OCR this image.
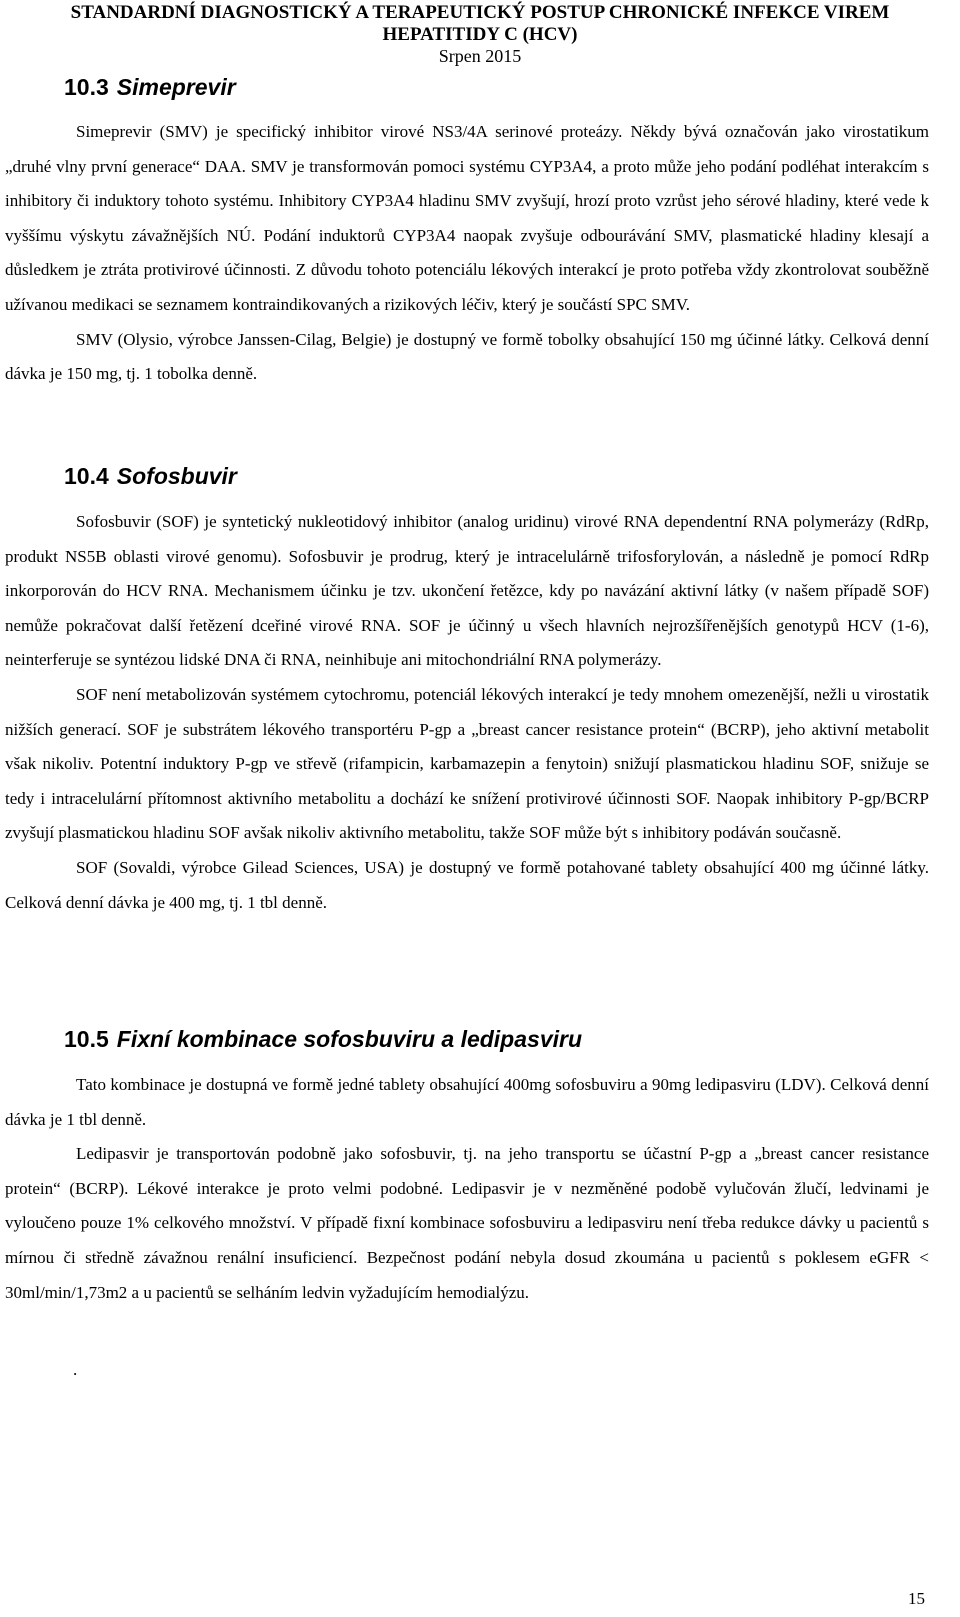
STANDARDNÍ DIAGNOSTICKÝ A TERAPEUTICKÝ POSTUP CHRONICKÉ INFEKCE VIREM
HEPATITIDY C (HCV)
Srpen 2015
10.3 Simeprevir

Simeprevir (SMV) je specifický inhibitor virové NS3/4A serinové proteázy. Někdy bývá označován jako virostatikum „druhé vlny první generace“ DAA. SMV je transformován pomoci systému CYP3A4, a proto může jeho podání podléhat interakcím s inhibitory či induktory tohoto systému. Inhibitory CYP3A4 hladinu SMV zvyšují, hrozí proto vzrůst jeho sérové hladiny, které vede k vyššímu výskytu závažnějších NÚ. Podání induktorů CYP3A4 naopak zvyšuje odbourávání SMV, plasmatické hladiny klesají a důsledkem je ztráta protivirové účinnosti. Z důvodu tohoto potenciálu lékových interakcí je proto potřeba vždy zkontrolovat souběžně užívanou medikaci se seznamem kontraindikovaných a rizikových léčiv, který je součástí SPC SMV.

SMV (Olysio, výrobce Janssen-Cilag, Belgie) je dostupný ve formě tobolky obsahující 150 mg účinné látky. Celková denní dávka je 150 mg, tj. 1 tobolka denně.

10.4 Sofosbuvir

Sofosbuvir (SOF) je syntetický nukleotidový inhibitor (analog uridinu) virové RNA dependentní RNA polymerázy (RdRp, produkt NS5B oblasti virové genomu). Sofosbuvir je prodrug, který je intracelulárně trifosforylován, a následně je pomocí RdRp inkorporován do HCV RNA. Mechanismem účinku je tzv. ukončení řetězce, kdy po navázání aktivní látky (v našem případě SOF) nemůže pokračovat další řetězení dceřiné virové RNA. SOF je účinný u všech hlavních nejrozšířenějších genotypů HCV (1-6), neinterferuje se syntézou lidské DNA či RNA, neinhibuje ani mitochondriální RNA polymerázy.

SOF není metabolizován systémem cytochromu, potenciál lékových interakcí je tedy mnohem omezenější, nežli u virostatik nižších generací. SOF je substrátem lékového transportéru P-gp a „breast cancer resistance protein“ (BCRP), jeho aktivní metabolit však nikoliv. Potentní induktory P-gp ve střevě (rifampicin, karbamazepin a fenytoin) snižují plasmatickou hladinu SOF, snižuje se tedy i intracelulární přítomnost aktivního metabolitu a dochází ke snížení protivirové účinnosti SOF. Naopak inhibitory P-gp/BCRP zvyšují plasmatickou hladinu SOF avšak nikoliv aktivního metabolitu, takže SOF může být s inhibitory podáván současně.

SOF (Sovaldi, výrobce Gilead Sciences, USA) je dostupný ve formě potahované tablety obsahující 400 mg účinné látky. Celková denní dávka je 400 mg, tj. 1 tbl denně.

10.5 Fixní kombinace sofosbuviru a ledipasviru

Tato kombinace je dostupná ve formě jedné tablety obsahující 400mg sofosbuviru a 90mg ledipasviru (LDV). Celková denní dávka je 1 tbl denně.

Ledipasvir je transportován podobně jako sofosbuvir, tj. na jeho transportu se účastní P-gp a „breast cancer resistance protein“ (BCRP). Lékové interakce je proto velmi podobné. Ledipasvir je v nezměněné podobě vylučován žlučí, ledvinami je vyloučeno pouze 1% celkového množství. V případě fixní kombinace sofosbuviru a ledipasviru není třeba redukce dávky u pacientů s mírnou či středně závažnou renální insuficiencí. Bezpečnost podání nebyla dosud zkoumána u pacientů s poklesem eGFR < 30ml/min/1,73m2 a u pacientů se selháním ledvin vyžadujícím hemodialýzu.

.
15
